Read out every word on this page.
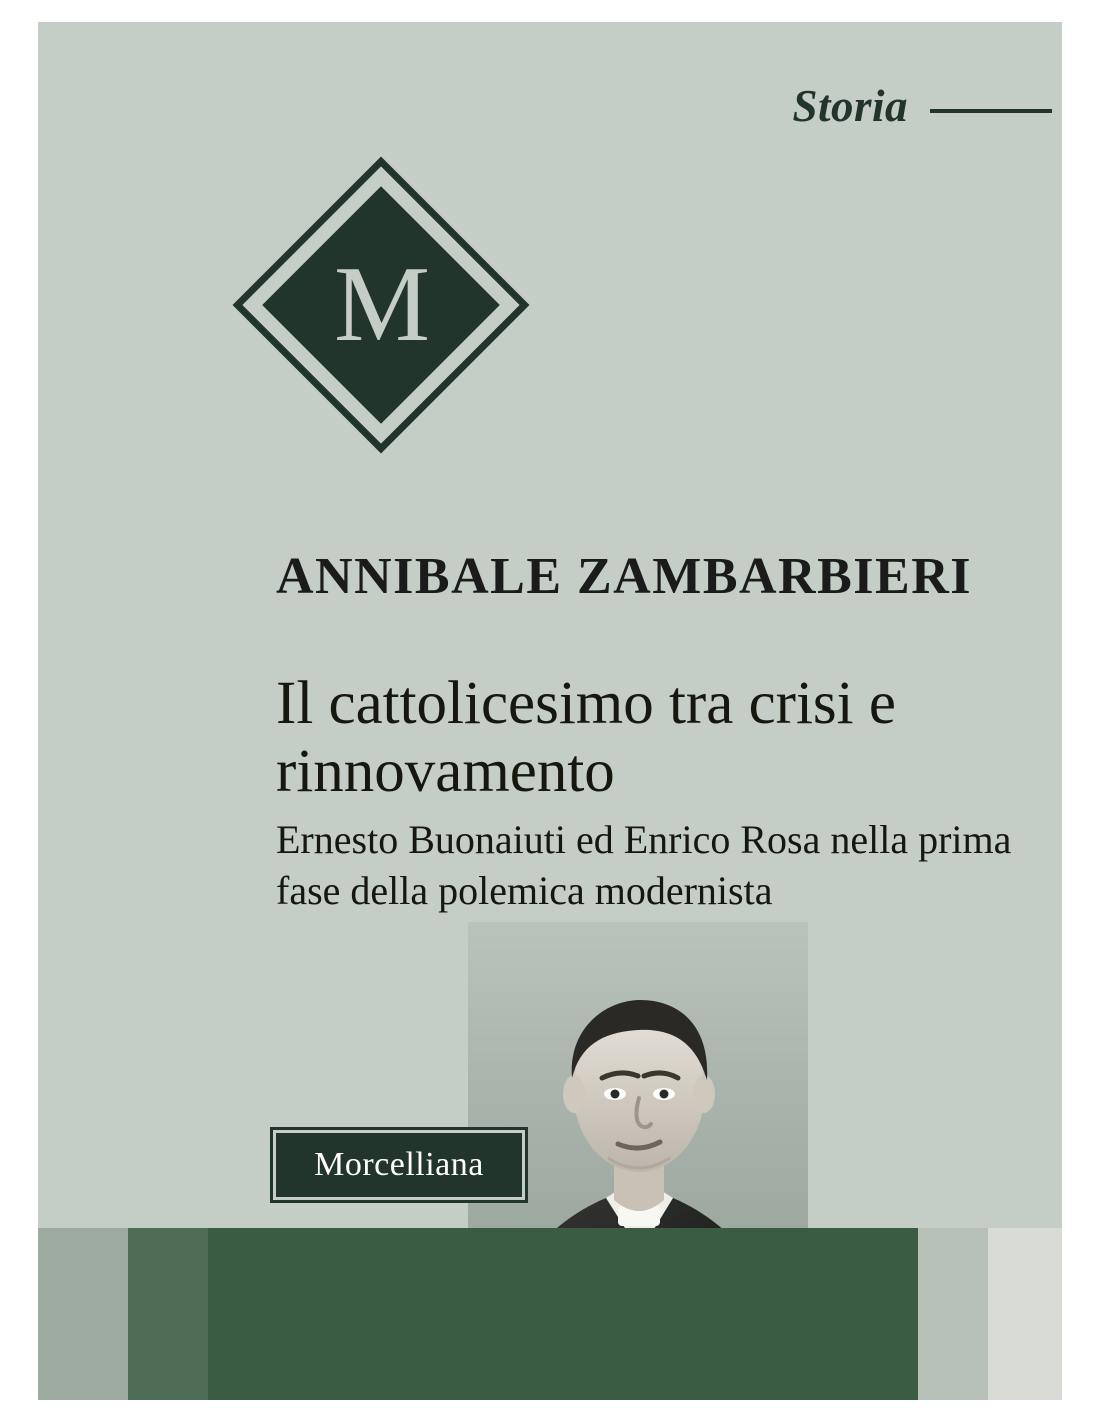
Storia
M
ANNIBALE ZAMBARBIERI
Il cattolicesimo tra crisi e rinnovamento
Ernesto Buonaiuti ed Enrico Rosa nella prima fase della polemica modernista
Morcelliana
